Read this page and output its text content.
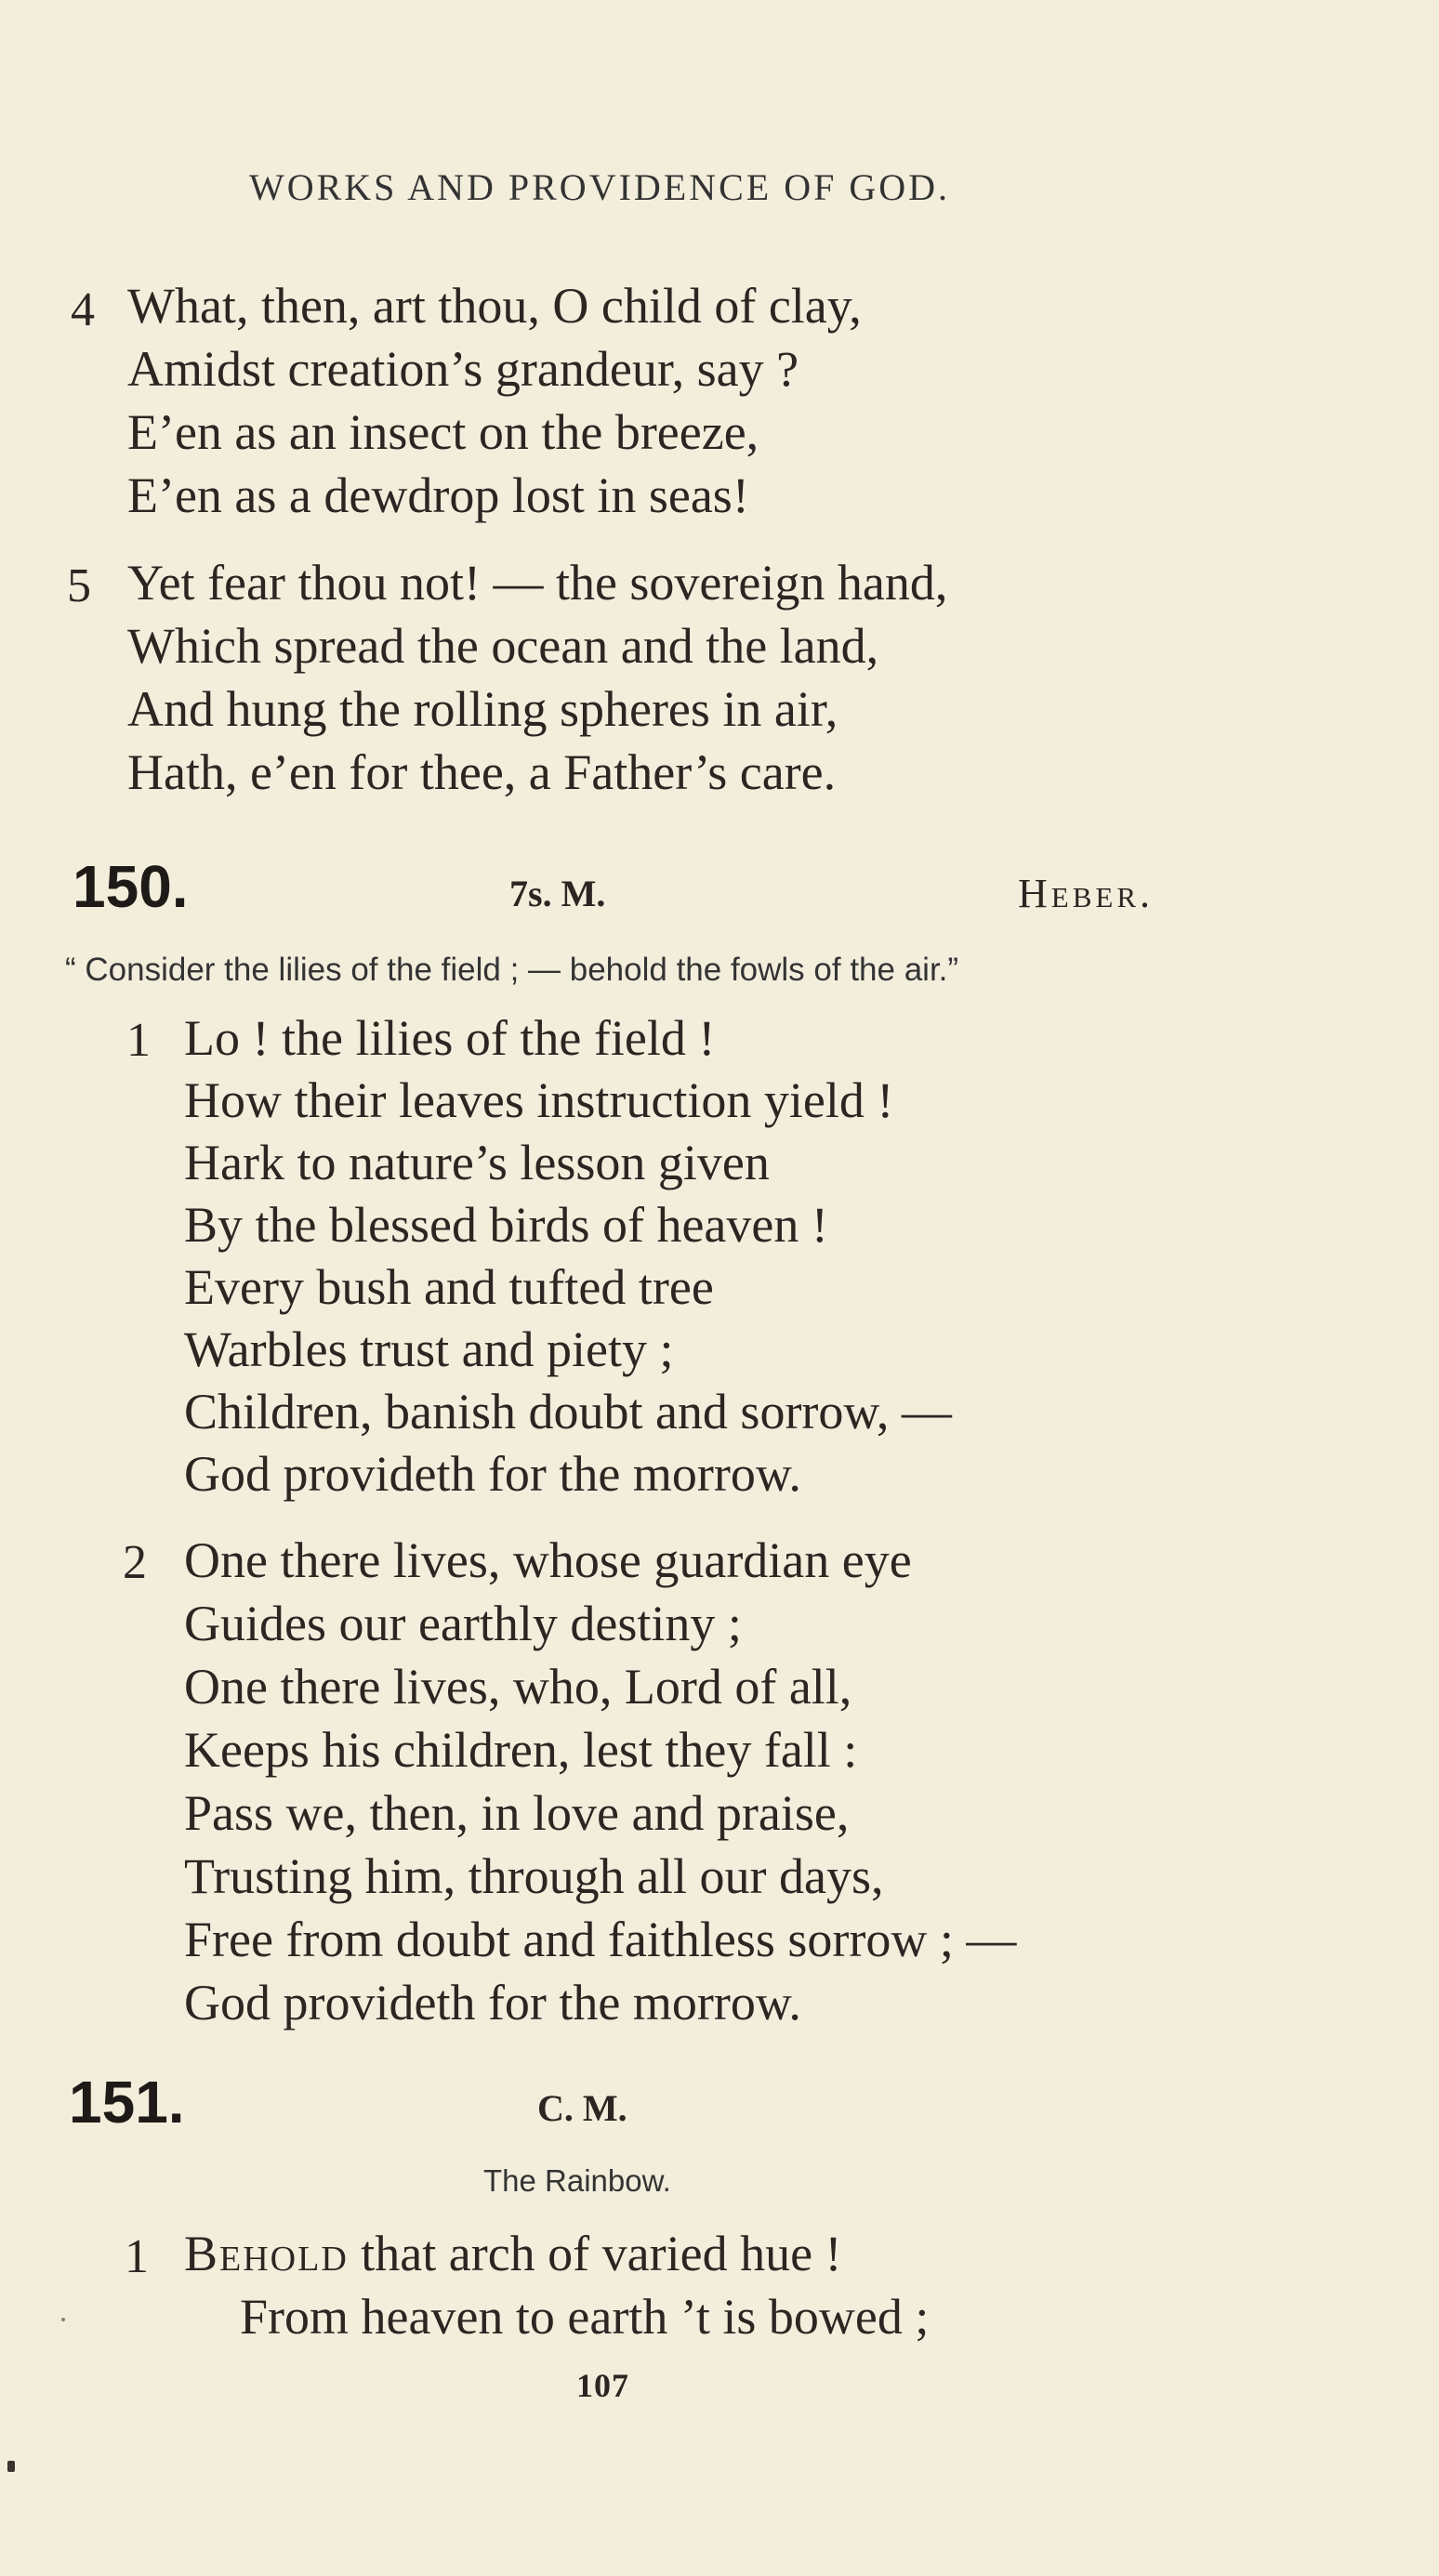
WORKS AND PROVIDENCE OF GOD.
4 What, then, art thou, O child of clay,
Amidst creation’s grandeur, say ?
E’en as an insect on the breeze,
E’en as a dewdrop lost in seas!
5 Yet fear thou not! — the sovereign hand,
Which spread the ocean and the land,
And hung the rolling spheres in air,
Hath, e’en for thee, a Father’s care.
150.	7s. M.	Heber.
“ Consider the lilies of the field ; — behold the fowls of the air.”
1 Lo ! the lilies of the field !
How their leaves instruction yield !
Hark to nature’s lesson given
By the blessed birds of heaven !
Every bush and tufted tree
Warbles trust and piety ;
Children, banish doubt and sorrow, —
God provideth for the morrow.
2 One there lives, whose guardian eye
Guides our earthly destiny ;
One there lives, who, Lord of all,
Keeps his children, lest they fall :
Pass we, then, in love and praise,
Trusting him, through all our days,
Free from doubt and faithless sorrow ; —
God provideth for the morrow.
151.	C. M.
The Rainbow.
1 Behold that arch of varied hue !
From heaven to earth ’t is bowed ;
107
